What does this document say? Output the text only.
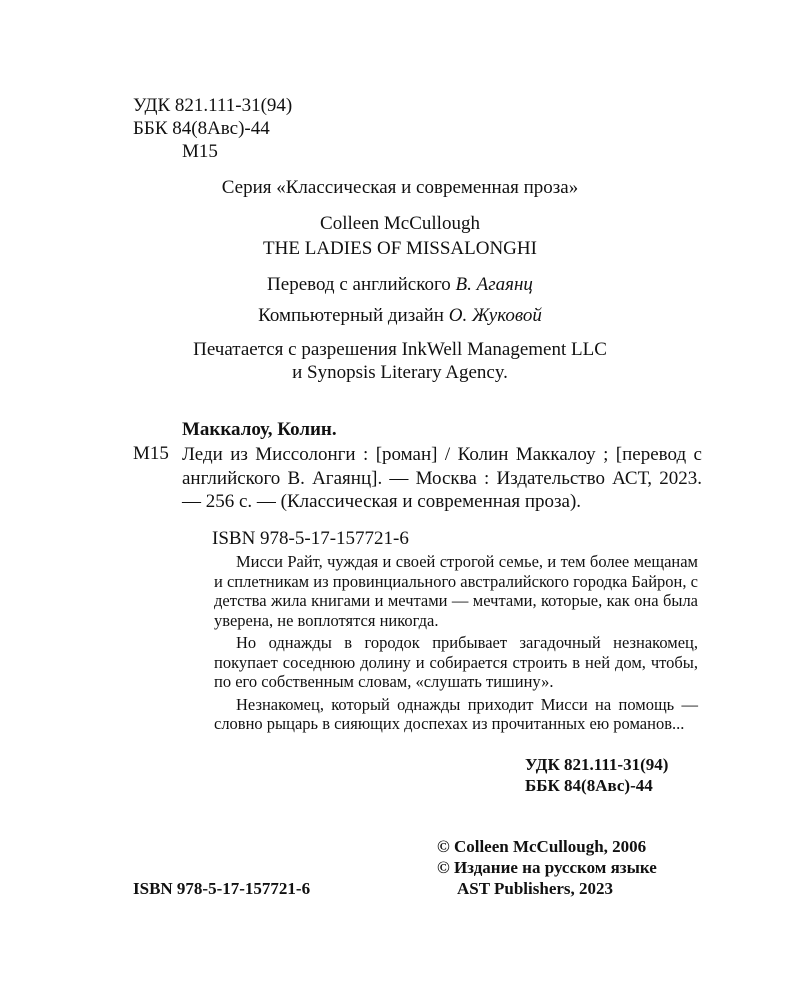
УДК 821.111-31(94)
ББК 84(8Авс)-44
М15
Серия «Классическая и современная проза»
Colleen McCullough
THE LADIES OF MISSALONGHI
Перевод с английского В. Агаянц
Компьютерный дизайн О. Жуковой
Печатается с разрешения InkWell Management LLC
и Synopsis Literary Agency.
Маккалоу, Колин.
М15 Леди из Миссолонги : [роман] / Колин Маккалоу ; [перевод с английского В. Агаянц]. — Москва : Издательство АСТ, 2023. — 256 с. — (Классическая и современная проза).
ISBN 978-5-17-157721-6

Мисси Райт, чуждая и своей строгой семье, и тем более мещанам и сплетникам из провинциального австралийского городка Байрон, с детства жила книгами и мечтами — мечтами, которые, как она была уверена, не воплотятся никогда.

Но однажды в городок прибывает загадочный незнакомец, покупает соседнюю долину и собирается строить в ней дом, чтобы, по его собственным словам, «слушать тишину».

Незнакомец, который однажды приходит Мисси на помощь — словно рыцарь в сияющих доспехах из прочитанных ею романов...

УДК 821.111-31(94)
ББК 84(8Авс)-44
© Colleen McCullough, 2006
© Издание на русском языке
AST Publishers, 2023
ISBN 978-5-17-157721-6
